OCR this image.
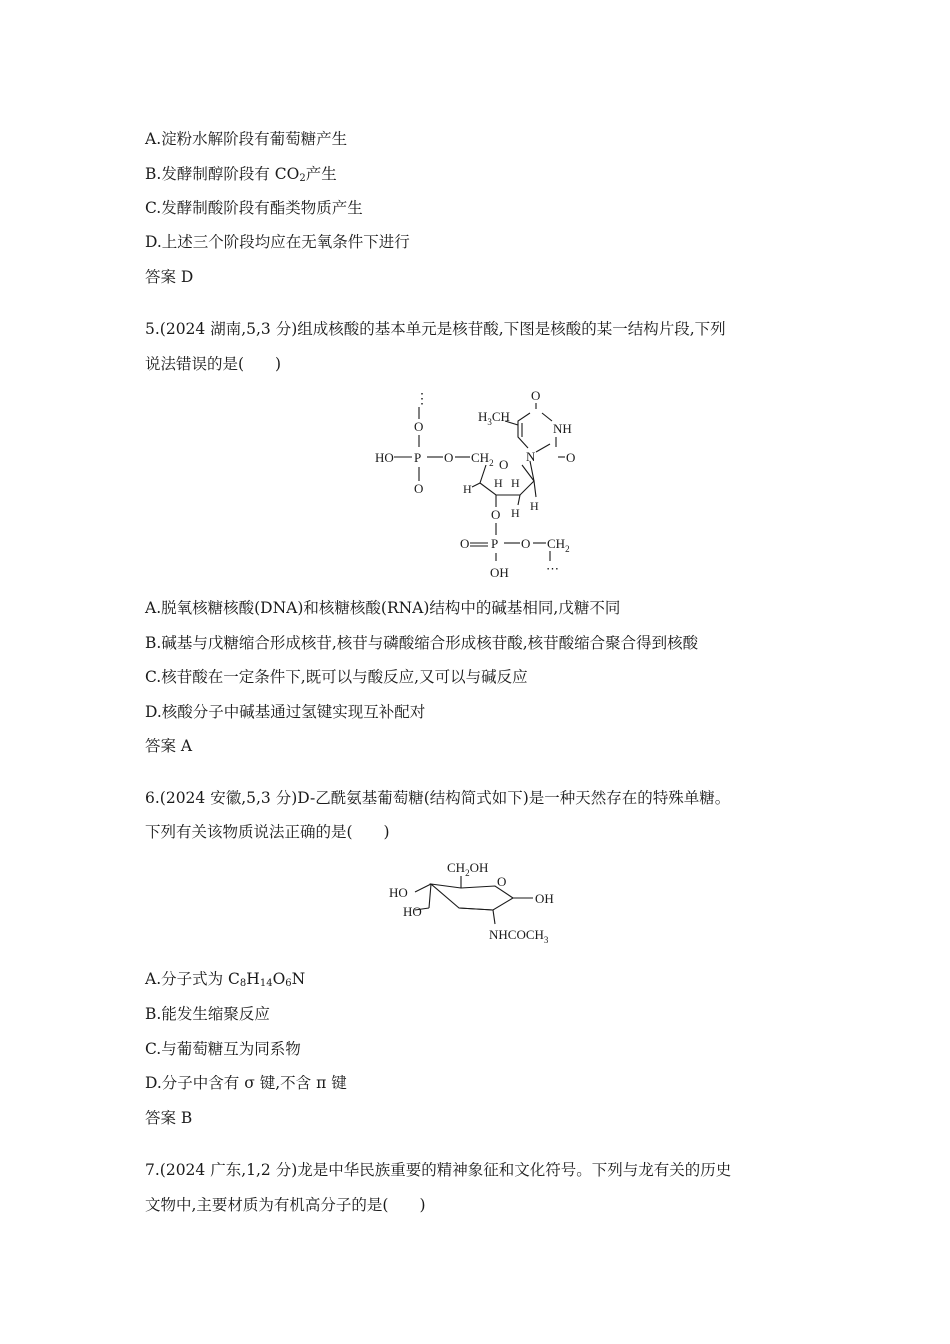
A.淀粉水解阶段有葡萄糖产生
B.发酵制醇阶段有 $CO_2$产生
C.发酵制酸阶段有酯类物质产生
D.上述三个阶段均应在无氧条件下进行
答案 D
5.(2024 湖南,5,3 分)组成核酸的基本单元是核苷酸,下图是核酸的某一结构片段,下列
说法错误的是(　　)
⋮
O
HO P
O
O $CH_2$ O
H H H
H H
N
$H_3CH$
O
NH
O
O
P
O	O $CH_2$
⋯
OH
A.脱氧核糖核酸(DNA)和核糖核酸(RNA)结构中的碱基相同,戊糖不同
B.碱基与戊糖缩合形成核苷,核苷与磷酸缩合形成核苷酸,核苷酸缩合聚合得到核酸
C.核苷酸在一定条件下,既可以与酸反应,又可以与碱反应
D.核酸分子中碱基通过氢键实现互补配对
答案 A
6.(2024 安徽,5,3 分)D-乙酰氨基葡萄糖(结构简式如下)是一种天然存在的特殊单糖。
下列有关该物质说法正确的是(　　)
$CH_2OH$
O
HO
HO
OH
$NHCOCH_3$
A.分子式为 $C_8H_{14}O_6N$
B.能发生缩聚反应
C.与葡萄糖互为同系物
D.分子中含有 σ 键,不含 π 键
答案 B
7.(2024 广东,1,2 分)龙是中华民族重要的精神象征和文化符号。下列与龙有关的历史
文物中,主要材质为有机高分子的是(　　)
